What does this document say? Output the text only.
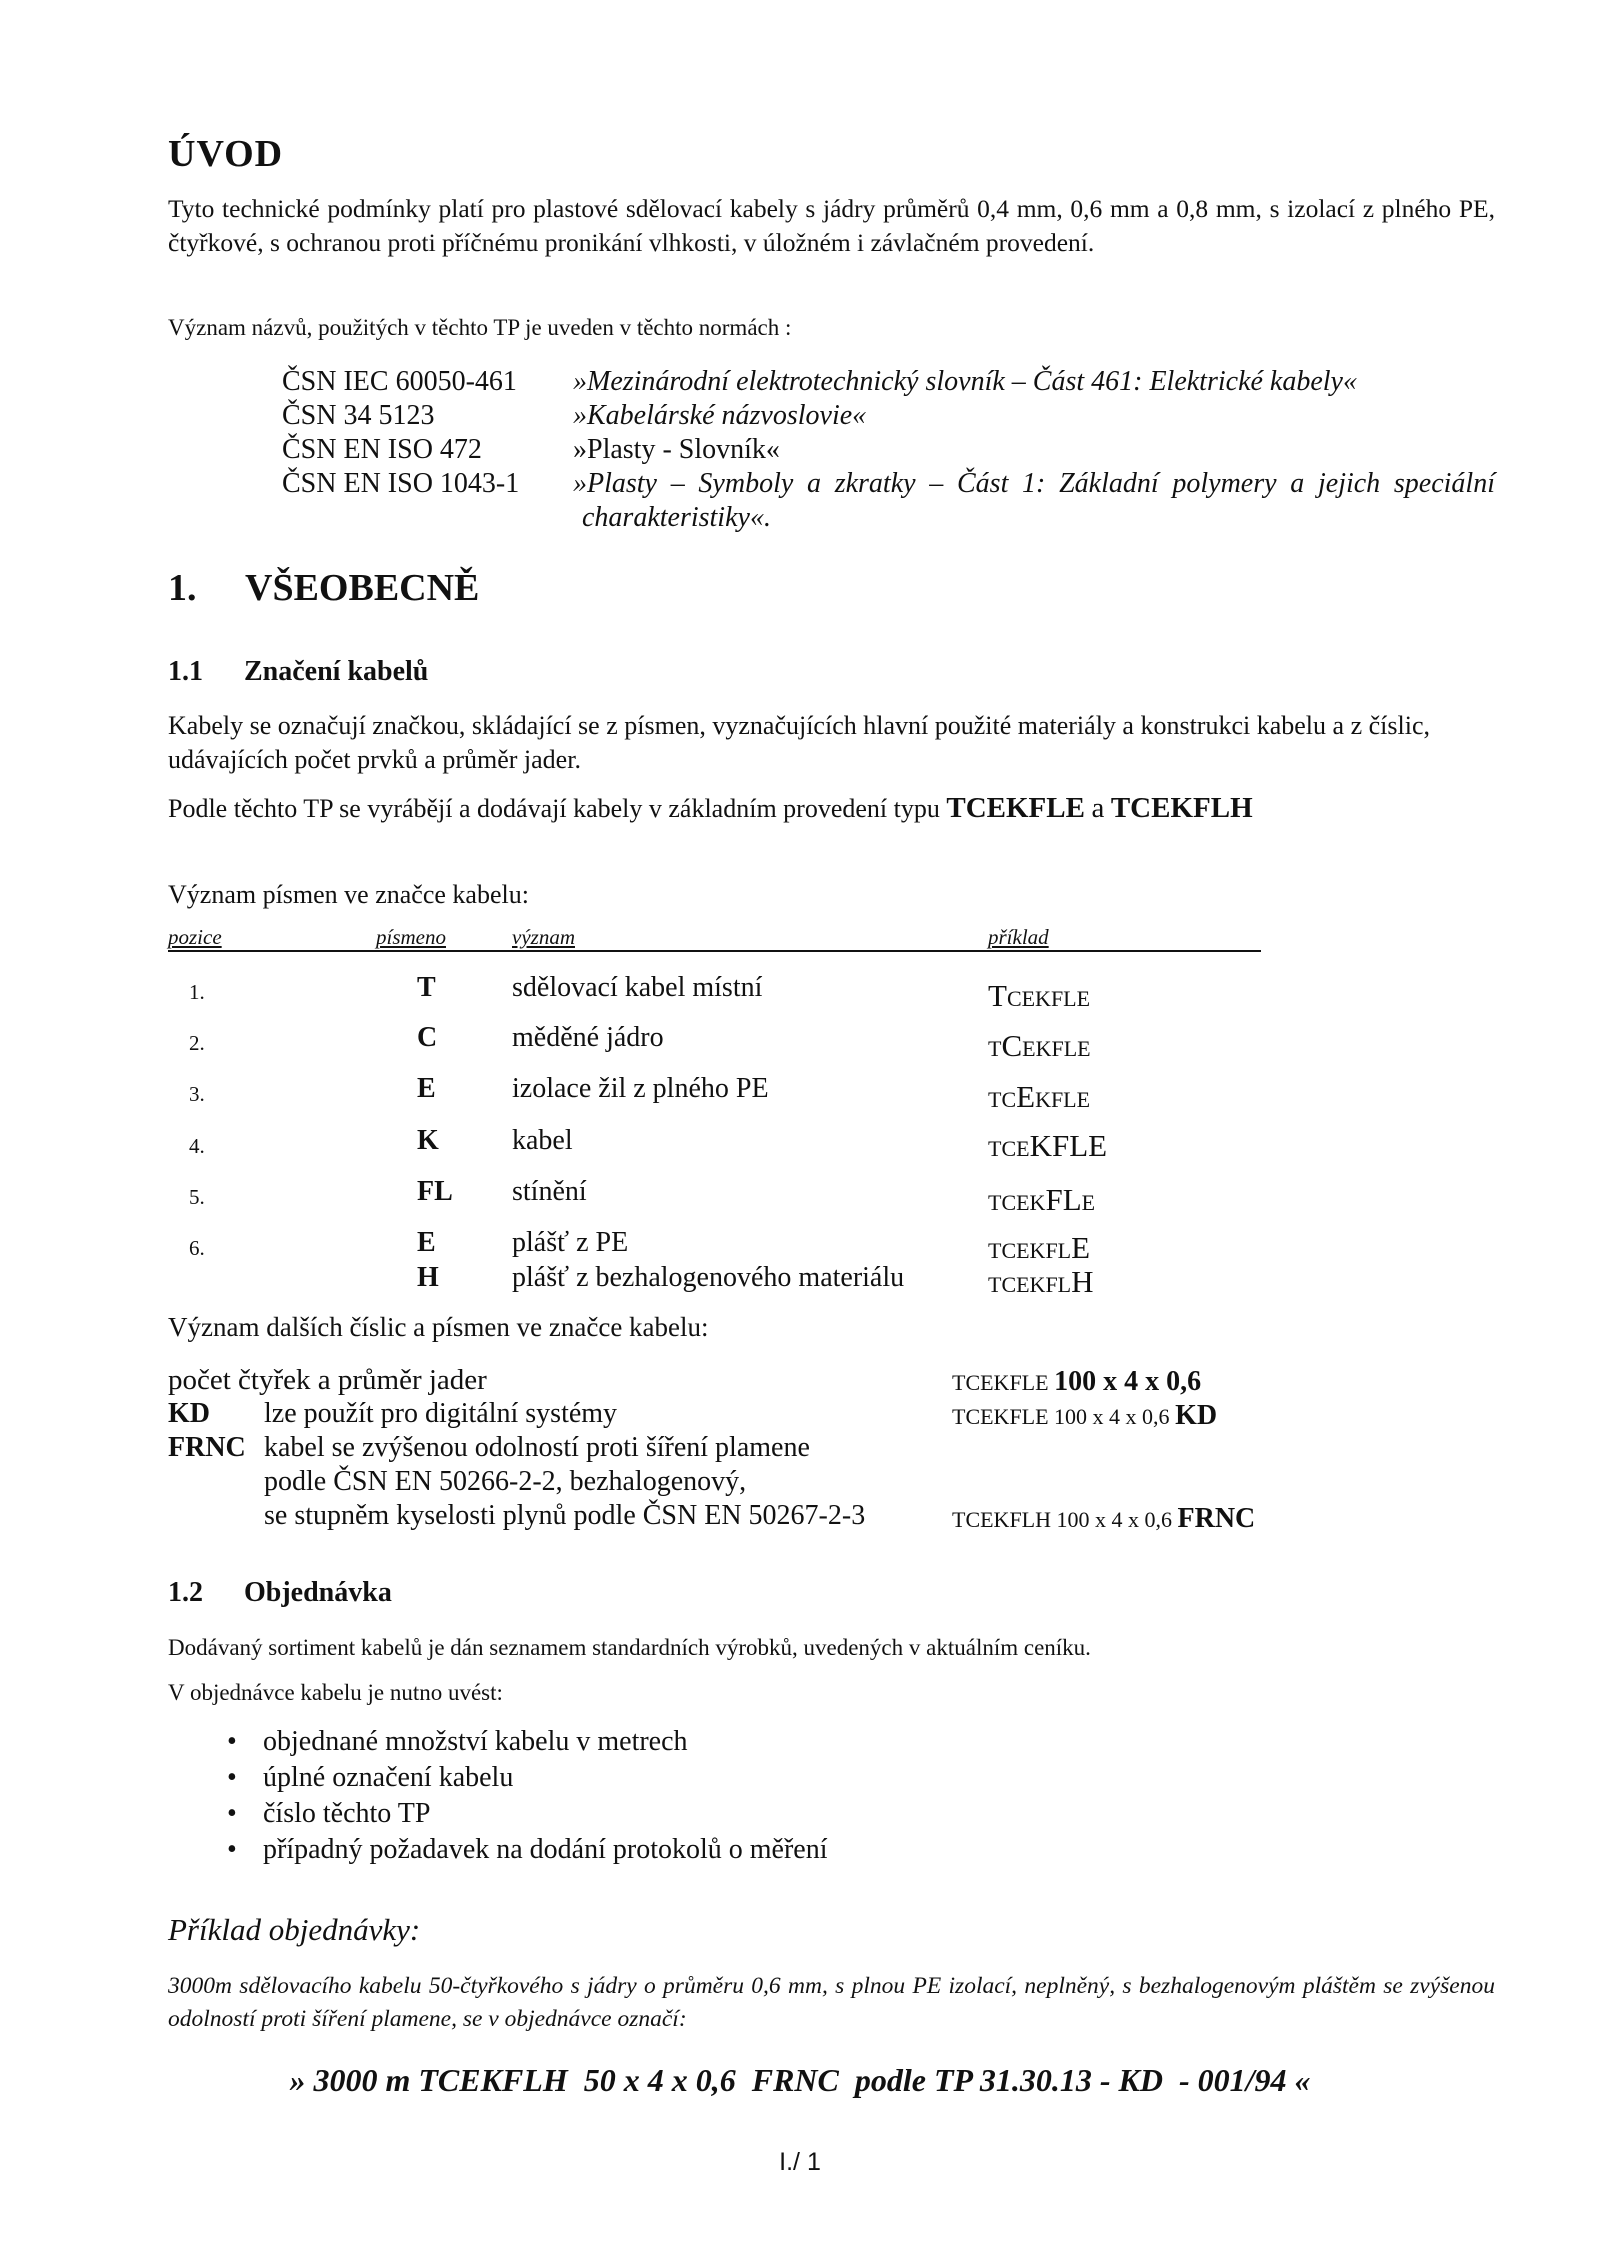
ÚVOD
Tyto technické podmínky platí pro plastové sdělovací kabely s jádry průměrů 0,4 mm, 0,6 mm a 0,8 mm, s izolací z plného PE, čtyřkové, s ochranou proti příčnému pronikání vlhkosti, v úložném i závlačném provedení.
Význam názvů, použitých v těchto TP je uveden v těchto normách :
ČSN IEC 60050-461 »Mezinárodní elektrotechnický slovník – Část 461: Elektrické kabely«
ČSN 34 5123	»Kabelárské názvoslovie«
ČSN EN ISO 472	»Plasty - Slovník«
ČSN EN ISO 1043-1 »Plasty – Symboly a zkratky – Část 1: Základní polymery a jejich speciální
charakteristiky«.
1. VŠEOBECNĚ
1.1 Značení kabelů
Kabely se označují značkou, skládající se z písmen, vyznačujících hlavní použité materiály a konstrukci kabelu a z číslic, udávajících počet prvků a průměr jader.
Podle těchto TP se vyrábějí a dodávají kabely v základním provedení typu TCEKFLE a TCEKFLH
Význam písmen ve značce kabelu:
pozice	písmeno	význam	příklad
1.	T	sdělovací kabel místní	TCEKFLE
2.	C	měděné jádro	TCEKFLE
3.	E	izolace žil z plného PE	TCEKFLE
4.	K	kabel	TCEKFLE
5.	FL stínění	TCEKFLE
6.	E	plášť z PE	TCEKFLE
H	plášť z bezhalogenového materiálu	TCEKFLH
Význam dalších číslic a písmen ve značce kabelu:
počet čtyřek a průměr jader	TCEKFLE 100 x 4 x 0,6
KD lze použít pro digitální systémy	TCEKFLE 100 x 4 x 0,6 KD
FRNC kabel se zvýšenou odolností proti šíření plamene
podle ČSN EN 50266-2-2, bezhalogenový,
se stupněm kyselosti plynů podle ČSN EN 50267-2-3	TCEKFLH 100 x 4 x 0,6 FRNC
1.2 Objednávka
Dodávaný sortiment kabelů je dán seznamem standardních výrobků, uvedených v aktuálním ceníku.
V objednávce kabelu je nutno uvést:
• objednané množství kabelu v metrech
• úplné označení kabelu
• číslo těchto TP
• případný požadavek na dodání protokolů o měření
Příklad objednávky:
3000m sdělovacího kabelu 50-čtyřkového s jádry o průměru 0,6 mm, s plnou PE izolací, neplněný, s bezhalogenovým pláštěm se zvýšenou odolností proti šíření plamene, se v objednávce označí:
» 3000 m TCEKFLH  50 x 4 x 0,6  FRNC  podle TP 31.30.13 - KD  - 001/94 «
I./ 1
